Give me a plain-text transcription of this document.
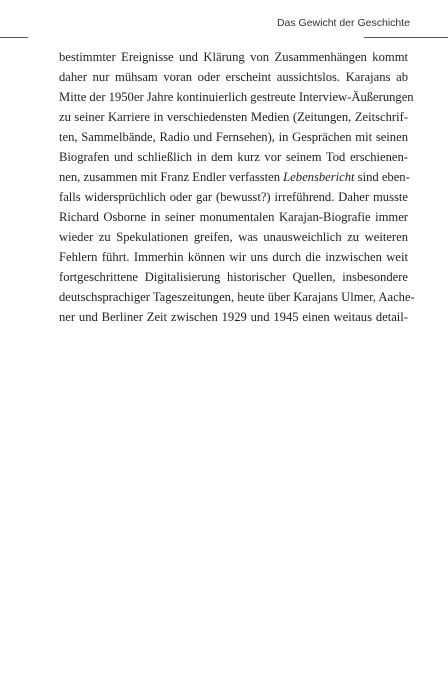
Das Gewicht der Geschichte
bestimmter Ereignisse und Klärung von Zusammenhängen kommt
daher nur mühsam voran oder erscheint aussichtslos. Karajans ab
Mitte der 1950er Jahre kontinuierlich gestreute Interview-Äußerungen
zu seiner Karriere in verschiedensten Medien (Zeitungen, Zeitschrif-
ten, Sammelbände, Radio und Fernsehen), in Gesprächen mit seinen
Biografen und schließlich in dem kurz vor seinem Tod erschienen-
nen, zusammen mit Franz Endler verfassten Lebensbericht sind eben-
falls widersprüchlich oder gar (bewusst?) irreführend. Daher musste
Richard Osborne in seiner monumentalen Karajan-Biografie immer
wieder zu Spekulationen greifen, was unausweichlich zu weiteren
Fehlern führt. Immerhin können wir uns durch die inzwischen weit
fortgeschrittene Digitalisierung historischer Quellen, insbesondere
deutschsprachiger Tageszeitungen, heute über Karajans Ulmer, Aache-
ner und Berliner Zeit zwischen 1929 und 1945 einen weitaus detail-
